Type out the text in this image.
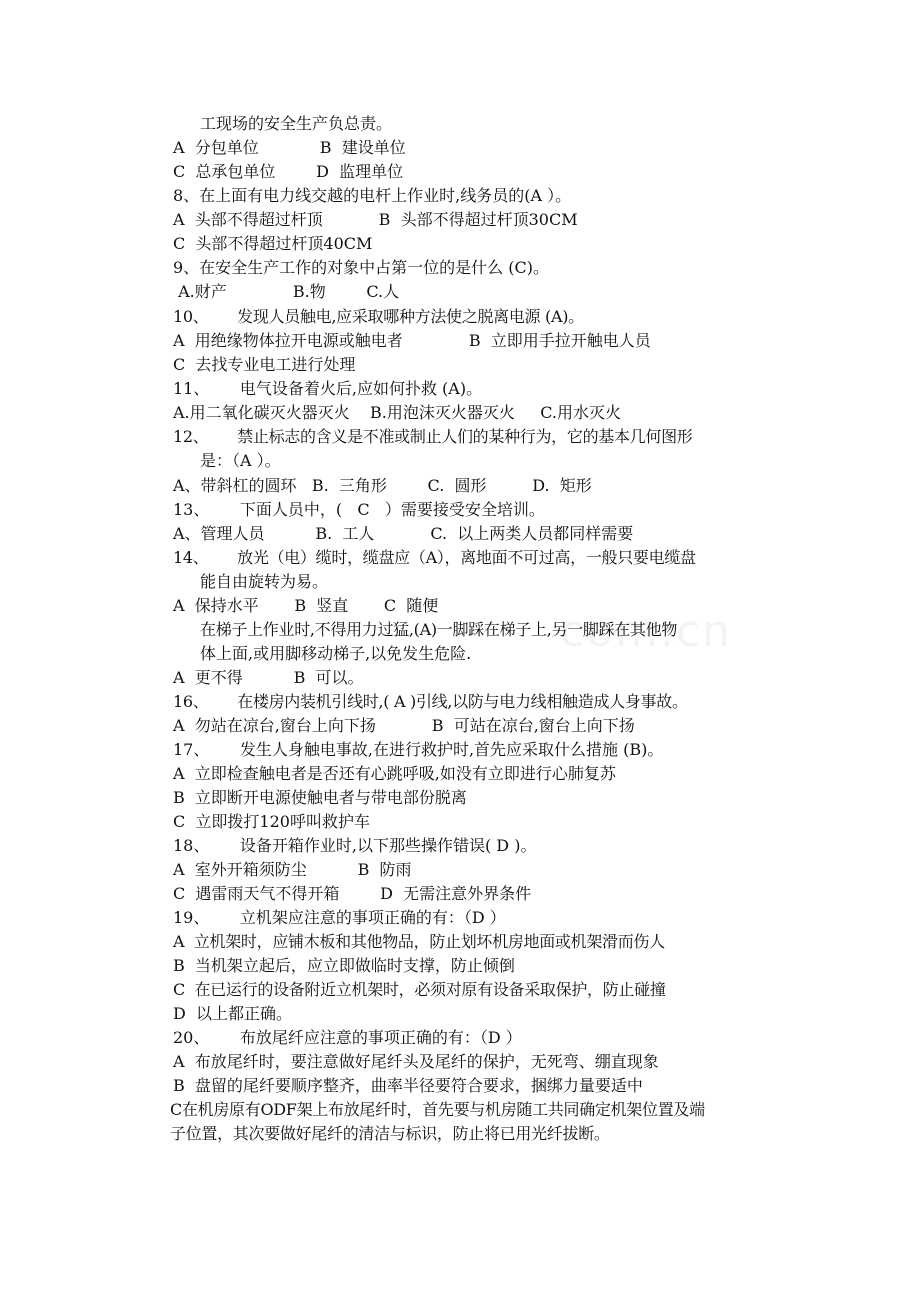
工现场的安全生产负总责。
A  分包单位            B  建设单位
C  总承包单位        D  监理单位
8、在上面有电力线交越的电杆上作业时,线务员的(A ）。
A  头部不得超过杆顶           B  头部不得超过杆顶30CM
C  头部不得超过杆顶40CM
9、在安全生产工作的对象中占第一位的是什么 (C)。
A.财产             B.物        C.人
10、      发现人员触电,应采取哪种方法使之脱离电源 (A)。
A  用绝缘物体拉开电源或触电者             B  立即用手拉开触电人员
C  去找专业电工进行处理
11、      电气设备着火后,应如何扑救 (A)。
A.用二氧化碳灭火器灭火    B.用泡沫灭火器灭火     C.用水灭火
12、      禁止标志的含义是不准或制止人们的某种行为，它的基本几何图形
是：（A ）。
A、带斜杠的圆环   B.  三角形        C.  圆形         D.  矩形
13、      下面人员中，(   C   ）需要接受安全培训。
A、管理人员          B.  工人           C.  以上两类人员都同样需要
14、      放光（电）缆时，缆盘应（A），离地面不可过高，一般只要电缆盘
能自由旋转为易。
A  保持水平       B  竖直       C  随便
在梯子上作业时,不得用力过猛,(A)一脚踩在梯子上,另一脚踩在其他物
体上面,或用脚移动梯子,以免发生危险.
A  更不得          B  可以。
16、      在楼房内装机引线时,( A )引线,以防与电力线相触造成人身事故。
A  勿站在凉台,窗台上向下扬           B  可站在凉台,窗台上向下扬
17、      发生人身触电事故,在进行救护时,首先应采取什么措施 (B)。
A  立即检查触电者是否还有心跳呼吸,如没有立即进行心肺复苏
B  立即断开电源使触电者与带电部份脱离
C  立即拨打120呼叫救护车
18、      设备开箱作业时,以下那些操作错误( D )。
A  室外开箱须防尘          B  防雨
C  遇雷雨天气不得开箱        D  无需注意外界条件
19、      立机架应注意的事项正确的有：（D ）
A  立机架时，应铺木板和其他物品，防止划坏机房地面或机架滑而伤人
B  当机架立起后，应立即做临时支撑，防止倾倒
C  在已运行的设备附近立机架时，必须对原有设备采取保护，防止碰撞
D  以上都正确。
20、      布放尾纤应注意的事项正确的有：（D ）
A  布放尾纤时，要注意做好尾纤头及尾纤的保护，无死弯、绷直现象
B  盘留的尾纤要顺序整齐，曲率半径要符合要求，捆绑力量要适中
C在机房原有ODF架上布放尾纤时，首先要与机房随工共同确定机架位置及端
子位置，其次要做好尾纤的清洁与标识，防止将已用光纤拔断。
